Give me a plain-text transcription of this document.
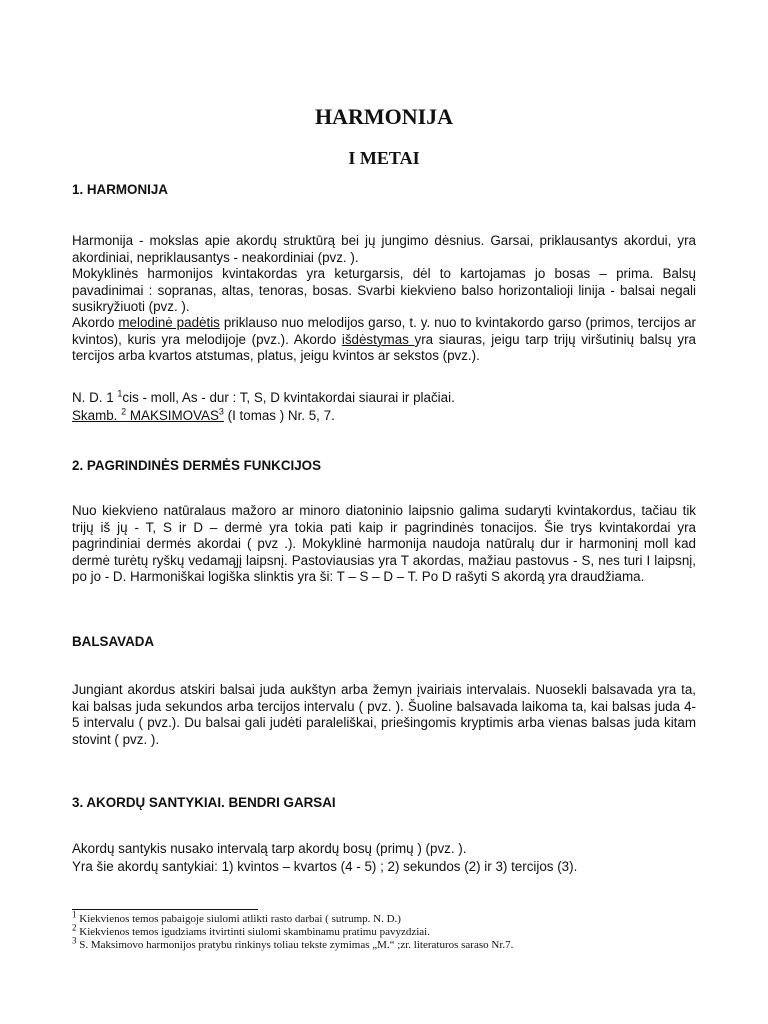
HARMONIJA
I METAI
1. HARMONIJA
Harmonija - mokslas apie akordų struktūrą bei jų jungimo dėsnius. Garsai, priklausantys akordui, yra akordiniai, nepriklausantys - neakordiniai (pvz. ).
Mokyklinės harmonijos kvintakordas yra keturgarsis, dėl to kartojamas jo bosas – prima. Balsų pavadinimai : sopranas, altas, tenoras, bosas. Svarbi kiekvieno balso horizontalioji linija - balsai negali susikryžiuoti (pvz. ).
Akordo melodinė padėtis priklauso nuo melodijos garso, t. y. nuo to kvintakordo garso (primos, tercijos ar kvintos), kuris yra melodijoje (pvz.). Akordo išdėstymas yra siauras, jeigu tarp trijų viršutinių balsų yra tercijos arba kvartos atstumas, platus, jeigu kvintos ar sekstos (pvz.).
N. D. 1 $^1$cis - moll, As - dur : T, S, D kvintakordai siaurai ir plačiai.
Skamb. $^2$ MAKSIMOVAS$^3$ (I tomas ) Nr. 5, 7.
2. PAGRINDINĖS DERMĖS FUNKCIJOS
Nuo kiekvieno natūralaus mažoro ar minoro diatoninio laipsnio galima sudaryti kvintakordus, tačiau tik trijų iš jų - T, S ir D – dermė yra tokia pati kaip ir pagrindinės tonacijos. Šie trys kvintakordai yra pagrindiniai dermės akordai ( pvz .). Mokyklinė harmonija naudoja natūralų dur ir harmoninį moll kad dermė turėtų ryškų vedamąjį laipsnį. Pastoviausias yra T akordas, mažiau pastovus - S, nes turi I laipsnį, po jo - D. Harmoniškai logiška slinktis yra ši: T – S – D – T. Po D rašyti S akordą yra draudžiama.
BALSAVADA
Jungiant akordus atskiri balsai juda aukštyn arba žemyn įvairiais intervalais. Nuosekli balsavada yra ta, kai balsas juda sekundos arba tercijos intervalu ( pvz. ). Šuoline balsavada laikoma ta, kai balsas juda 4- 5 intervalu ( pvz.). Du balsai gali judėti paraleliškai, priešingomis kryptimis arba vienas balsas juda kitam stovint ( pvz. ).
3. AKORDŲ SANTYKIAI. BENDRI GARSAI
Akordų santykis nusako intervalą tarp akordų bosų (primų ) (pvz. ).
Yra šie akordų santykiai: 1) kvintos – kvartos (4 - 5) ; 2) sekundos (2) ir 3) tercijos (3).
$^1$ Kiekvienos temos pabaigoje siulomi atlikti rasto darbai ( sutrump. N. D.)
$^2$ Kiekvienos temos igudziams itvirtinti siulomi skambinamu pratimu pavyzdziai.
$^3$ S. Maksimovo harmonijos pratybu rinkinys toliau tekste zymimas „M.“ ;zr. literaturos saraso Nr.7.
